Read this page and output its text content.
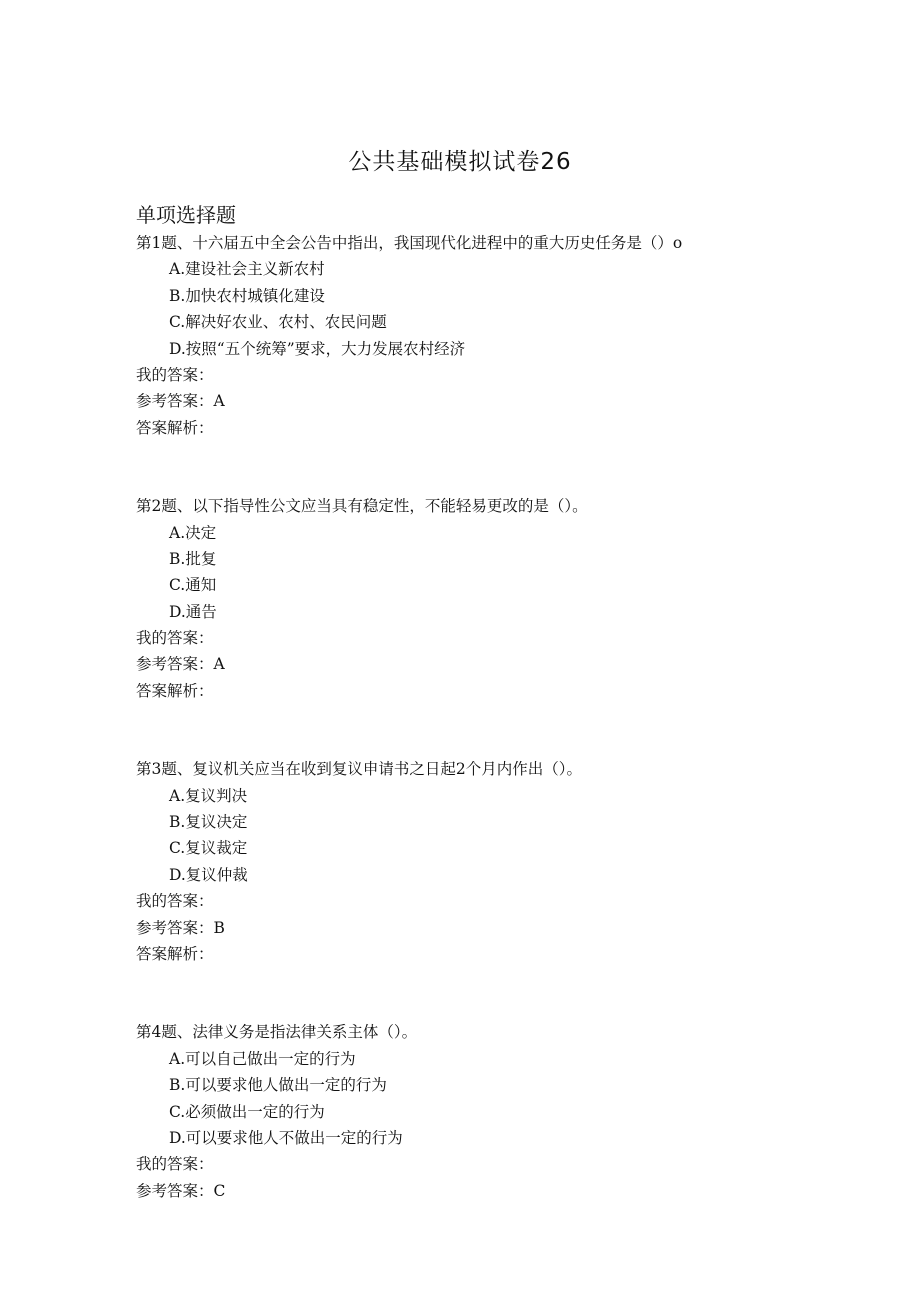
公共基础模拟试卷26
单项选择题
第1题、十六届五中全会公告中指出，我国现代化进程中的重大历史任务是（）o
A.建设社会主义新农村
B.加快农村城镇化建设
C.解决好农业、农村、农民问题
D.按照“五个统筹”要求，大力发展农村经济
我的答案：
参考答案：A
答案解析：
第2题、以下指导性公文应当具有稳定性，不能轻易更改的是（）。
A.决定
B.批复
C.通知
D.通告
我的答案：
参考答案：A
答案解析：
第3题、复议机关应当在收到复议申请书之日起2个月内作出（）。
A.复议判决
B.复议决定
C.复议裁定
D.复议仲裁
我的答案：
参考答案：B
答案解析：
第4题、法律义务是指法律关系主体（）。
A.可以自己做出一定的行为
B.可以要求他人做出一定的行为
C.必须做出一定的行为
D.可以要求他人不做出一定的行为
我的答案：
参考答案：C
